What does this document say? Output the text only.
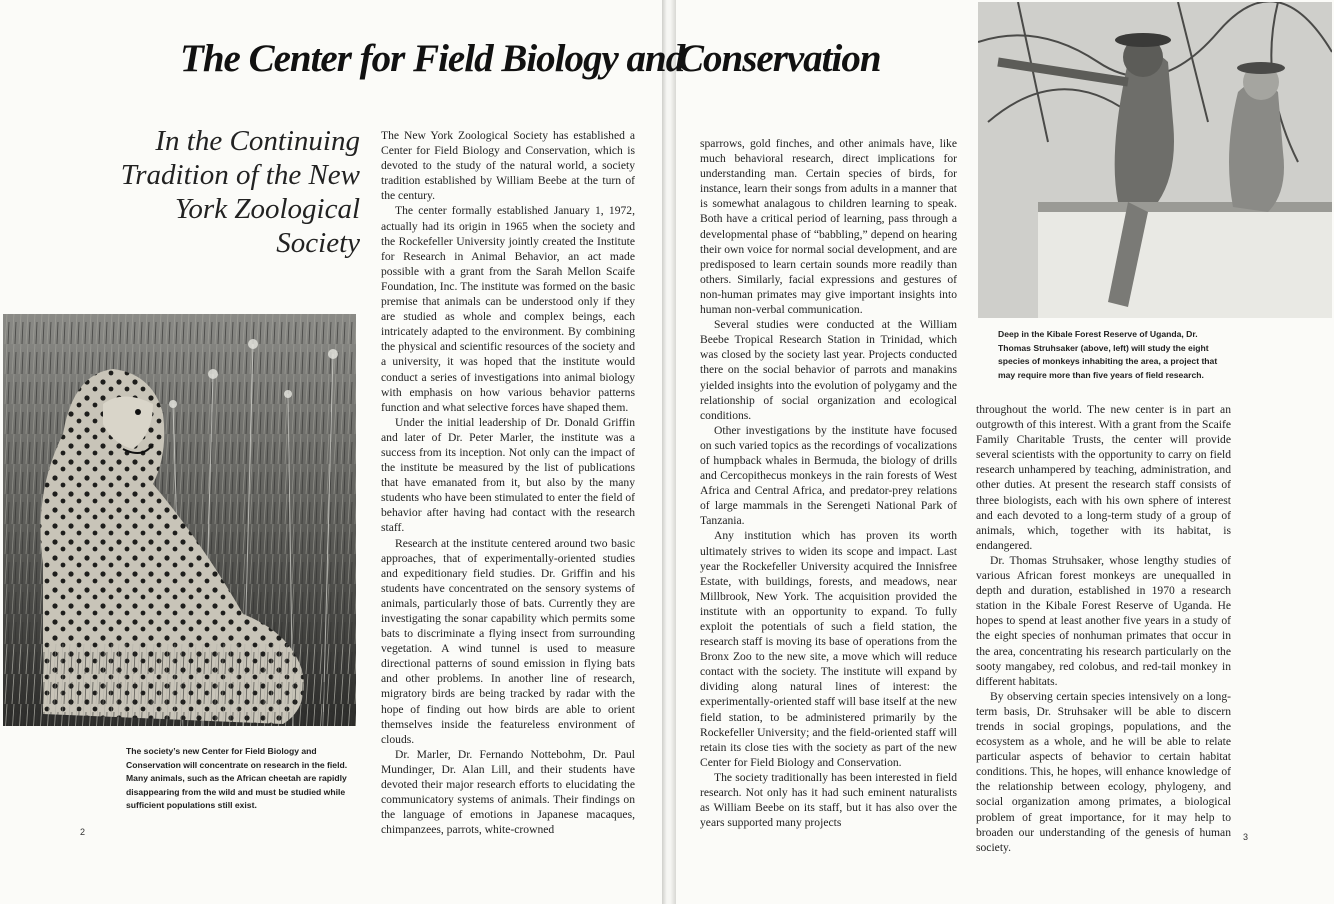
The Center for Field Biology and
Conservation
In the Continuing Tradition of the New York Zoological Society

The New York Zoological Society has established a Center for Field Biology and Conservation, which is devoted to the study of the natural world, a society tradition established by William Beebe at the turn of the century.

The center formally established January 1, 1972, actually had its origin in 1965 when the society and the Rockefeller University jointly created the Institute for Research in Animal Behavior, an act made possible with a grant from the Sarah Mellon Scaife Foundation, Inc. The institute was formed on the basic premise that animals can be understood only if they are studied as whole and complex beings, each intricately adapted to the environment. By combining the physical and scientific resources of the society and a university, it was hoped that the institute would conduct a series of investigations into animal biology with emphasis on how various behavior patterns function and what selective forces have shaped them.

Under the initial leadership of Dr. Donald Griffin and later of Dr. Peter Marler, the institute was a success from its inception. Not only can the impact of the institute be measured by the list of publications that have emanated from it, but also by the many students who have been stimulated to enter the field of behavior after having had contact with the research staff.

Research at the institute centered around two basic approaches, that of experimentally-oriented studies and expeditionary field studies. Dr. Griffin and his students have concentrated on the sensory systems of animals, particularly those of bats. Currently they are investigating the sonar capability which permits some bats to discriminate a flying insect from surrounding vegetation. A wind tunnel is used to measure directional patterns of sound emission in flying bats and other problems. In another line of research, migratory birds are being tracked by radar with the hope of finding out how birds are able to orient themselves inside the featureless environment of clouds.

Dr. Marler, Dr. Fernando Nottebohm, Dr. Paul Mundinger, Dr. Alan Lill, and their students have devoted their major research efforts to elucidating the communicatory systems of animals. Their findings on the language of emotions in Japanese macaques, chimpanzees, parrots, white-crowned

sparrows, gold finches, and other animals have, like much behavioral research, direct implications for understanding man. Certain species of birds, for instance, learn their songs from adults in a manner that is somewhat analagous to children learning to speak. Both have a critical period of learning, pass through a developmental phase of “babbling,” depend on hearing their own voice for normal social development, and are predisposed to learn certain sounds more readily than others. Similarly, facial expressions and gestures of non-human primates may give important insights into human non-verbal communication.

Several studies were conducted at the William Beebe Tropical Research Station in Trinidad, which was closed by the society last year. Projects conducted there on the social behavior of parrots and manakins yielded insights into the evolution of polygamy and the relationship of social organization and ecological conditions.

Other investigations by the institute have focused on such varied topics as the recordings of vocalizations of humpback whales in Bermuda, the biology of drills and Cercopithecus monkeys in the rain forests of West Africa and Central Africa, and predator-prey relations of large mammals in the Serengeti National Park of Tanzania.

Any institution which has proven its worth ultimately strives to widen its scope and impact. Last year the Rockefeller University acquired the Innisfree Estate, with buildings, forests, and meadows, near Millbrook, New York. The acquisition provided the institute with an opportunity to expand. To fully exploit the potentials of such a field station, the research staff is moving its base of operations from the Bronx Zoo to the new site, a move which will reduce contact with the society. The institute will expand by dividing along natural lines of interest: the experimentally-oriented staff will base itself at the new field station, to be administered primarily by the Rockefeller University; and the field-oriented staff will retain its close ties with the society as part of the new Center for Field Biology and Conservation.

The society traditionally has been interested in field research. Not only has it had such eminent naturalists as William Beebe on its staff, but it has also over the years supported many projects

throughout the world. The new center is in part an outgrowth of this interest. With a grant from the Scaife Family Charitable Trusts, the center will provide several scientists with the opportunity to carry on field research unhampered by teaching, administration, and other duties. At present the research staff consists of three biologists, each with his own sphere of interest and each devoted to a long-term study of a group of animals, which, together with its habitat, is endangered.

Dr. Thomas Struhsaker, whose lengthy studies of various African forest monkeys are unequalled in depth and duration, established in 1970 a research station in the Kibale Forest Reserve of Uganda. He hopes to spend at least another five years in a study of the eight species of nonhuman primates that occur in the area, concentrating his research particularly on the sooty mangabey, red colobus, and red-tail monkey in different habitats.

By observing certain species intensively on a long-term basis, Dr. Struhsaker will be able to discern trends in social gropings, populations, and the ecosystem as a whole, and he will be able to relate particular aspects of behavior to certain habitat conditions. This, he hopes, will enhance knowledge of the relationship between ecology, phylogeny, and social organization among primates, a biological problem of great importance, for it may help to broaden our understanding of the genesis of human society.

The society’s new Center for Field Biology and Conservation will concentrate on research in the field. Many animals, such as the African cheetah are rapidly disappearing from the wild and must be studied while sufficient populations still exist.
Deep in the Kibale Forest Reserve of Uganda, Dr. Thomas Struhsaker (above, left) will study the eight species of monkeys inhabiting the area, a project that may require more than five years of field research.
2	3
